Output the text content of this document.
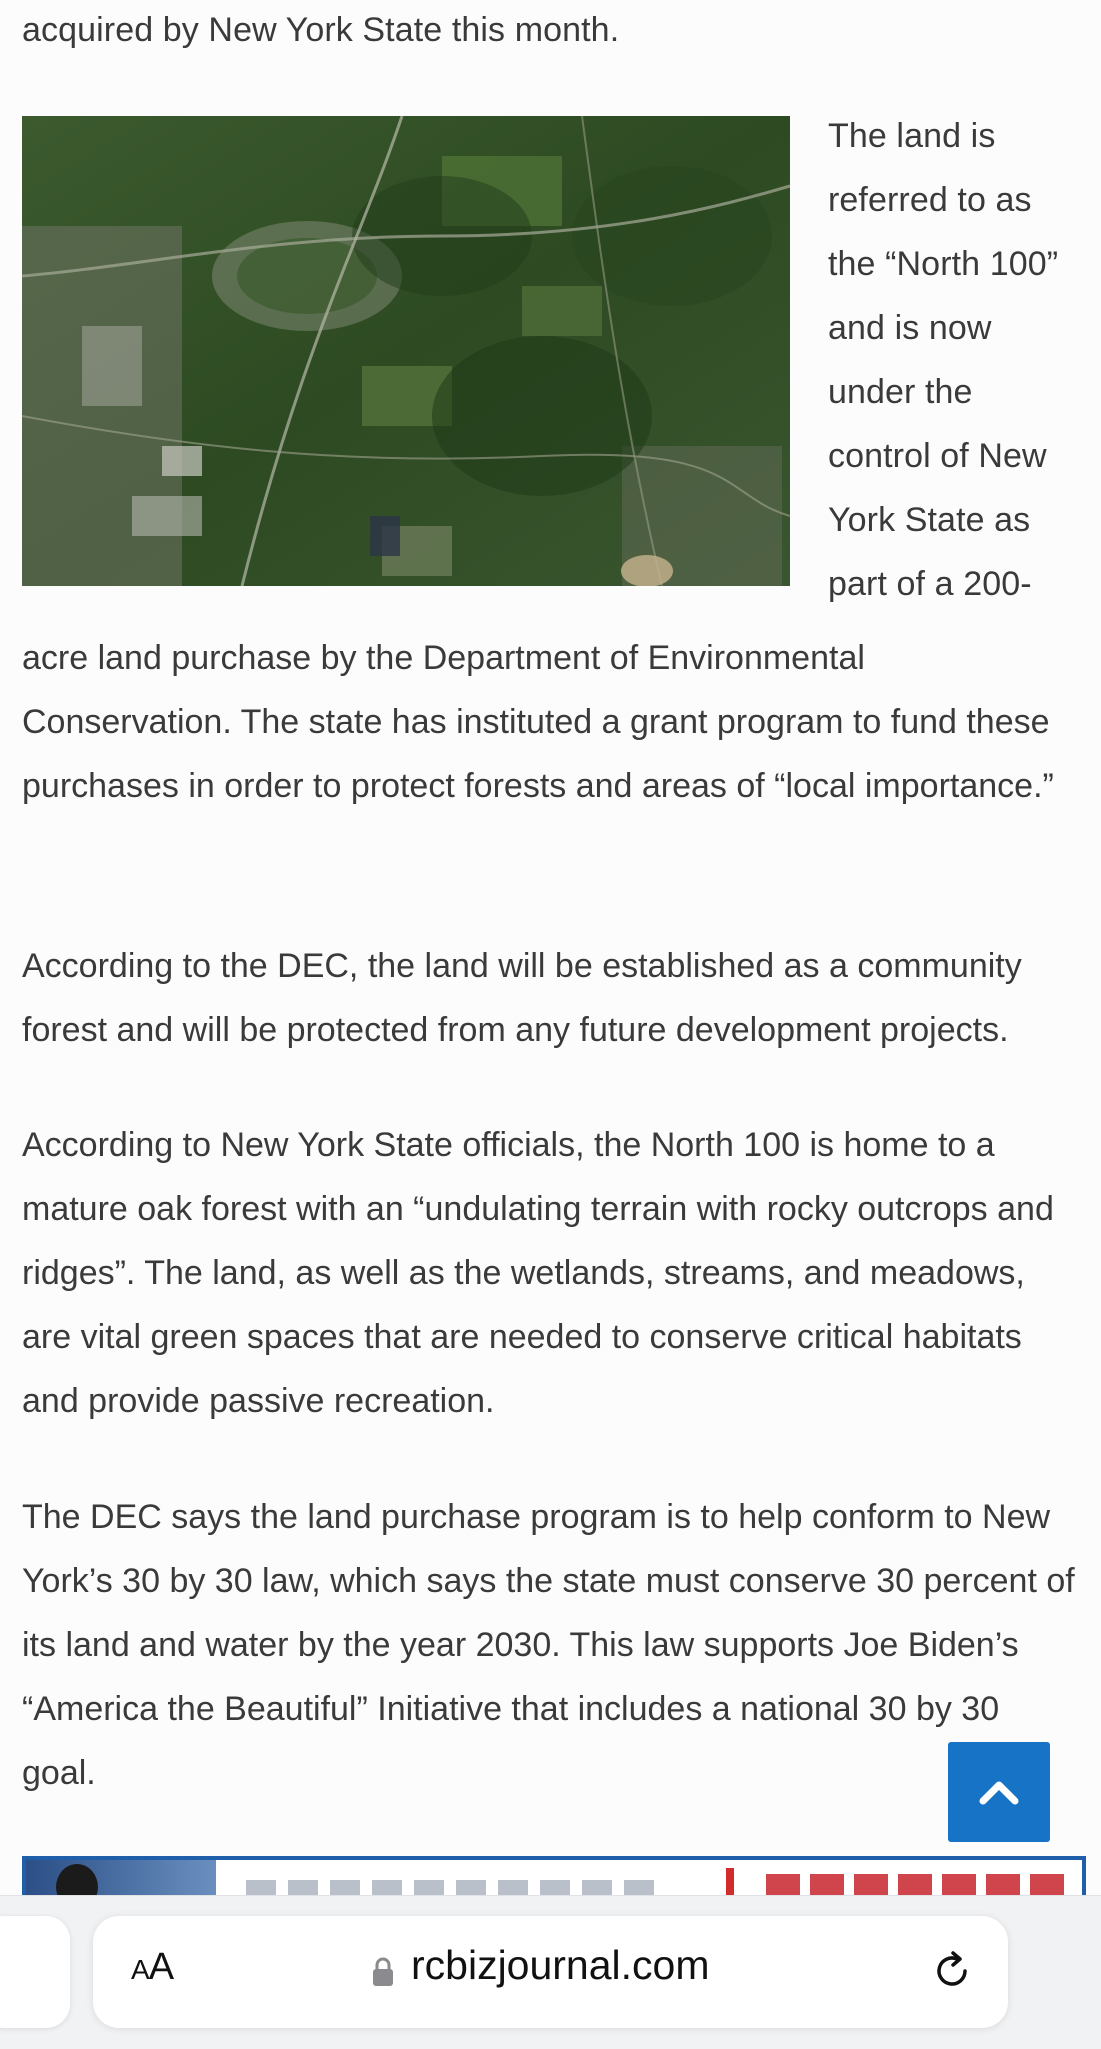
acquired by New York State this month.

The land is referred to as the “North 100” and is now under the control of New York State as part of a 200-

acre land purchase by the Department of Environmental Conservation. The state has instituted a grant program to fund these purchases in order to protect forests and areas of “local importance.”

According to the DEC, the land will be established as a community forest and will be protected from any future development projects.

According to New York State officials, the North 100 is home to a mature oak forest with an “undulating terrain with rocky outcrops and ridges”. The land, as well as the wetlands, streams, and meadows, are vital green spaces that are needed to conserve critical habitats and provide passive recreation.

The DEC says the land purchase program is to help conform to New York’s 30 by 30 law, which says the state must conserve 30 percent of its land and water by the year 2030. This law supports Joe Biden’s “America the Beautiful” Initiative that includes a national 30 by 30 goal.

AA	rcbizjournal.com
